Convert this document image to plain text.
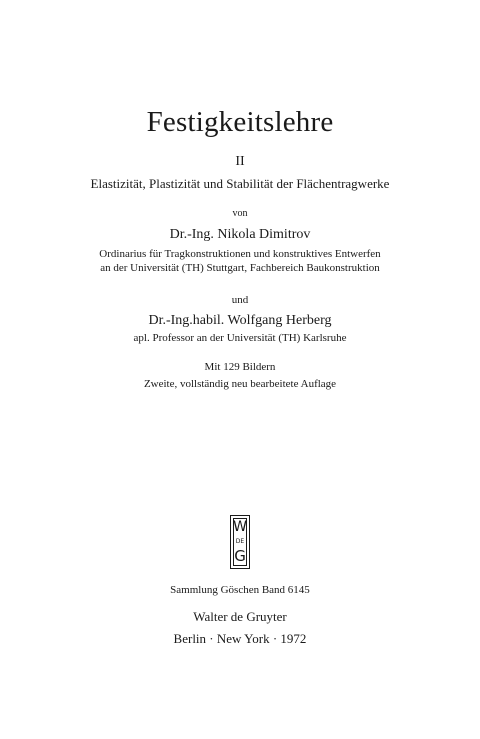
Festigkeitslehre
II
Elastizität, Plastizität und Stabilität der Flächentragwerke
von
Dr.-Ing. Nikola Dimitrov
Ordinarius für Tragkonstruktionen und konstruktives Entwerfen
an der Universität (TH) Stuttgart, Fachbereich Baukonstruktion
und
Dr.-Ing.habil. Wolfgang Herberg
apl. Professor an der Universität (TH) Karlsruhe
Mit 129 Bildern
Zweite, vollständig neu bearbeitete Auflage
W
DE
G
Sammlung Göschen Band 6145
Walter de Gruyter
Berlin · New York · 1972
